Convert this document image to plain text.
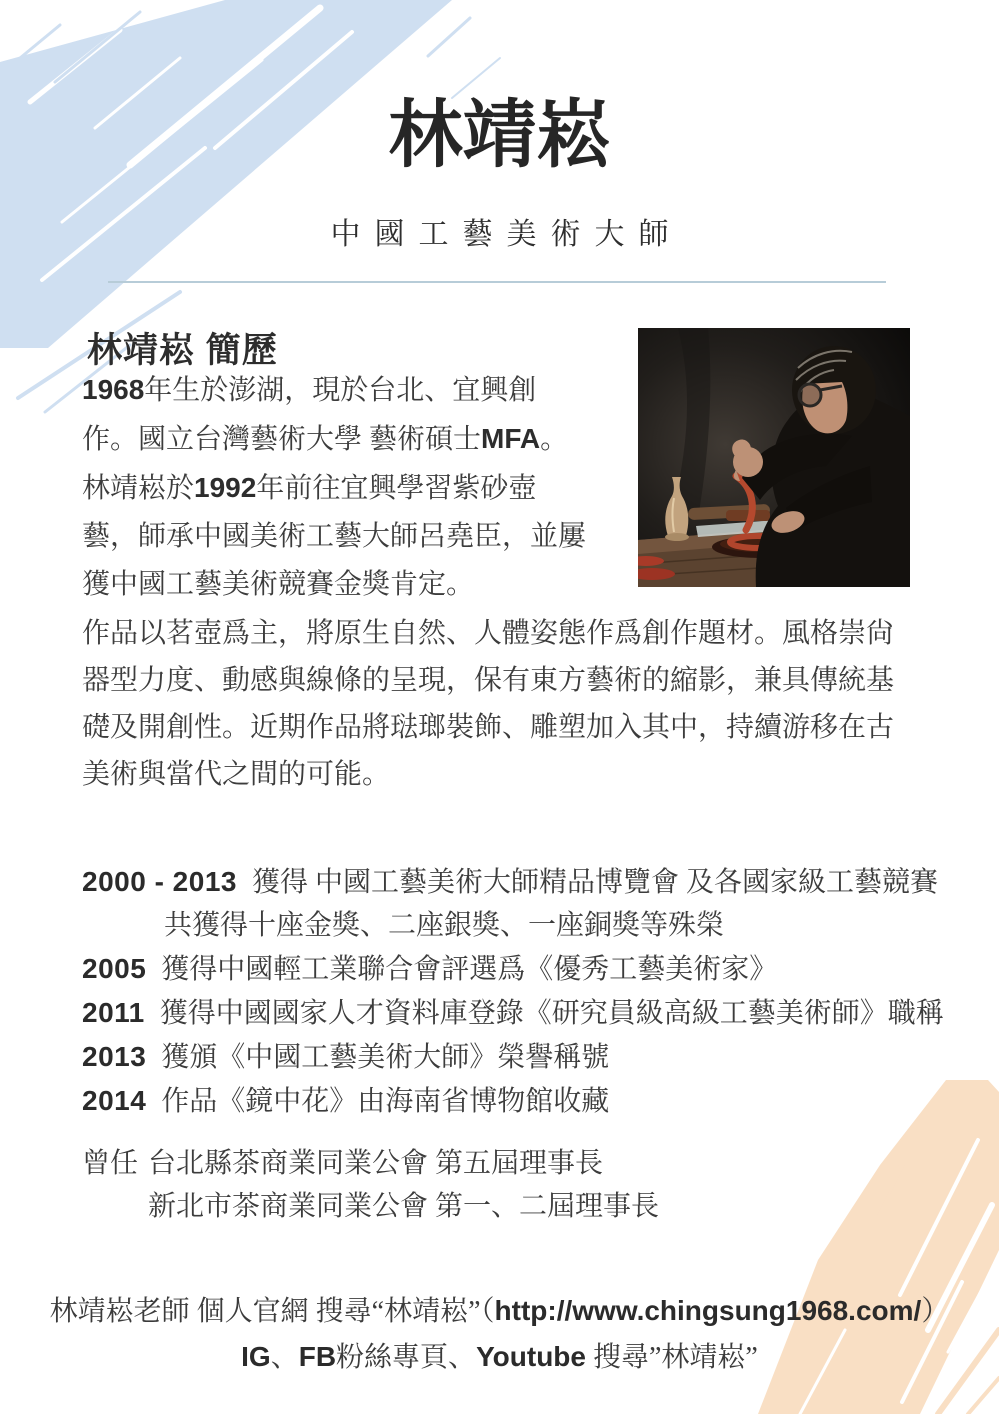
林靖崧
中國工藝美術大師
林靖崧 簡歷
1968年生於澎湖，現於台北、宜興創作。國立台灣藝術大學 藝術碩士MFA。林靖崧於1992年前往宜興學習紫砂壺藝，師承中國美術工藝大師呂堯臣，並屢獲中國工藝美術競賽金獎肯定。
作品以茗壺爲主，將原生自然、人體姿態作爲創作題材。風格崇尙器型力度、動感與線條的呈現，保有東方藝術的縮影，兼具傳統基礎及開創性。近期作品將琺瑯裝飾、雕塑加入其中，持續游移在古美術與當代之間的可能。
2000 - 2013 獲得 中國工藝美術大師精品博覽會 及各國家級工藝競賽
共獲得十座金獎、二座銀獎、一座銅獎等殊榮
2005 獲得中國輕工業聯合會評選爲《優秀工藝美術家》
2011 獲得中國國家人才資料庫登錄《研究員級高級工藝美術師》職稱
2013 獲頒《中國工藝美術大師》榮譽稱號
2014 作品《鏡中花》由海南省博物館收藏
曾任 台北縣茶商業同業公會 第五屆理事長
新北市茶商業同業公會 第一、二屆理事長
林靖崧老師 個人官網 搜尋“林靖崧”（http://www.chingsung1968.com/）
IG、FB粉絲專頁、Youtube 搜尋”林靖崧”
